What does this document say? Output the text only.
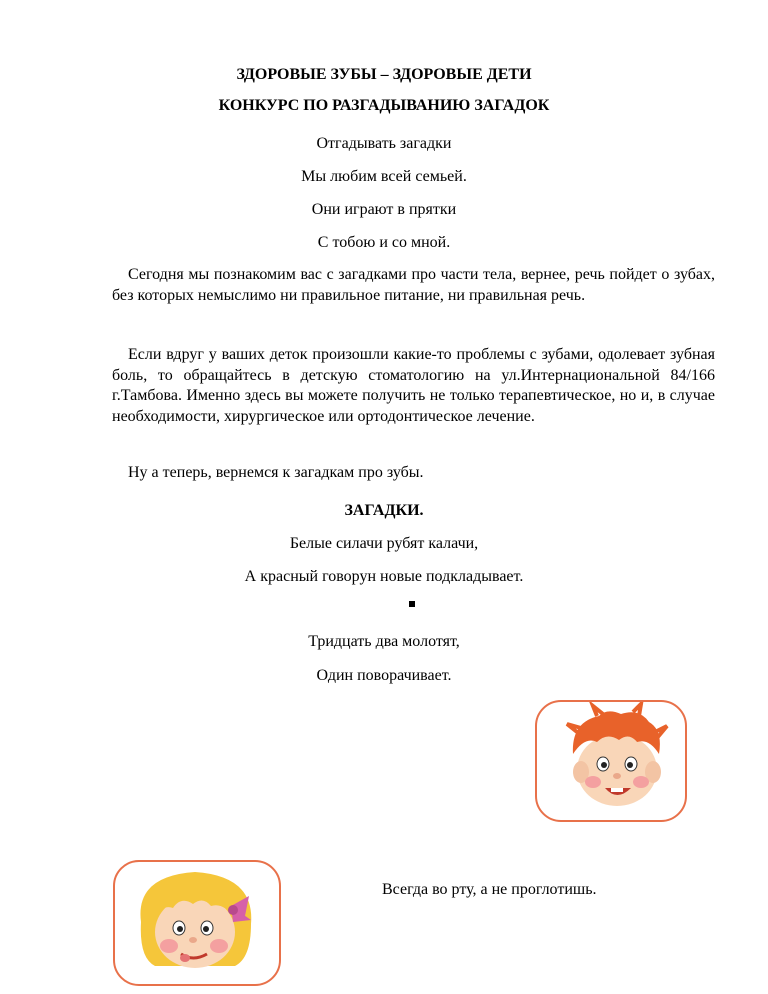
ЗДОРОВЫЕ ЗУБЫ – ЗДОРОВЫЕ ДЕТИ
КОНКУРС ПО РАЗГАДЫВАНИЮ ЗАГАДОК
Отгадывать загадки
Мы любим всей семьей.
Они играют в прятки
С тобою и со мной.

Сегодня мы познакомим вас с загадками про части тела, вернее, речь пойдет о зубах, без которых немыслимо ни правильное питание, ни правильная речь.

Если вдруг у ваших деток произошли какие-то проблемы с зубами, одолевает зубная боль, то обращайтесь в детскую стоматологию на ул.Интернациональной 84/166 г.Тамбова. Именно здесь вы можете получить не только терапевтическое, но и, в случае необходимости, хирургическое или ортодонтическое лечение.

Ну а теперь, вернемся к загадкам про зубы.

ЗАГАДКИ.
Белые силачи рубят калачи,
А красный говорун новые подкладывает.
Тридцать два молотят,
Один поворачивает.
Всегда во рту, а не проглотишь.
